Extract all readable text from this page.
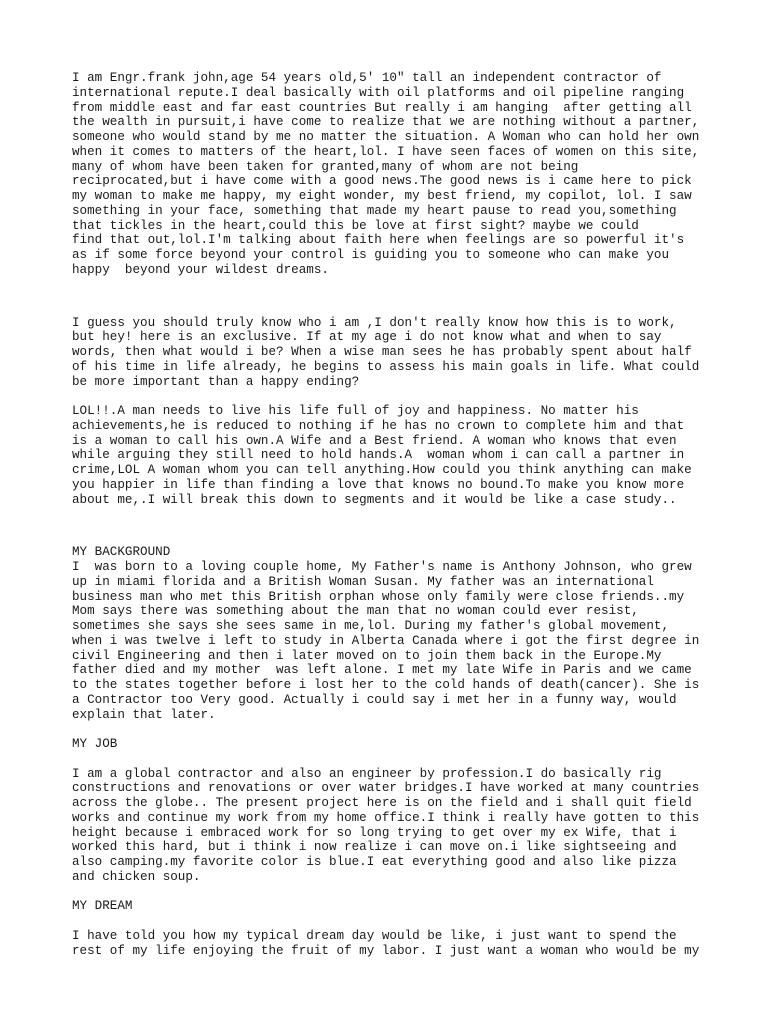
I am Engr.frank john,age 54 years old,5' 10" tall an independent contractor of
international repute.I deal basically with oil platforms and oil pipeline ranging
from middle east and far east countries But really i am hanging  after getting all
the wealth in pursuit,i have come to realize that we are nothing without a partner,
someone who would stand by me no matter the situation. A Woman who can hold her own
when it comes to matters of the heart,lol. I have seen faces of women on this site,
many of whom have been taken for granted,many of whom are not being
reciprocated,but i have come with a good news.The good news is i came here to pick
my woman to make me happy, my eight wonder, my best friend, my copilot, lol. I saw
something in your face, something that made my heart pause to read you,something
that tickles in the heart,could this be love at first sight? maybe we could
find that out,lol.I'm talking about faith here when feelings are so powerful it's
as if some force beyond your control is guiding you to someone who can make you
happy  beyond your wildest dreams.
I guess you should truly know who i am ,I don't really know how this is to work,
but hey! here is an exclusive. If at my age i do not know what and when to say
words, then what would i be? When a wise man sees he has probably spent about half
of his time in life already, he begins to assess his main goals in life. What could
be more important than a happy ending?
LOL!!.A man needs to live his life full of joy and happiness. No matter his
achievements,he is reduced to nothing if he has no crown to complete him and that
is a woman to call his own.A Wife and a Best friend. A woman who knows that even
while arguing they still need to hold hands.A  woman whom i can call a partner in
crime,LOL A woman whom you can tell anything.How could you think anything can make
you happier in life than finding a love that knows no bound.To make you know more
about me,.I will break this down to segments and it would be like a case study..
MY BACKGROUND
I  was born to a loving couple home, My Father's name is Anthony Johnson, who grew
up in miami florida and a British Woman Susan. My father was an international
business man who met this British orphan whose only family were close friends..my
Mom says there was something about the man that no woman could ever resist,
sometimes she says she sees same in me,lol. During my father's global movement,
when i was twelve i left to study in Alberta Canada where i got the first degree in
civil Engineering and then i later moved on to join them back in the Europe.My
father died and my mother  was left alone. I met my late Wife in Paris and we came
to the states together before i lost her to the cold hands of death(cancer). She is
a Contractor too Very good. Actually i could say i met her in a funny way, would
explain that later.
MY JOB
I am a global contractor and also an engineer by profession.I do basically rig
constructions and renovations or over water bridges.I have worked at many countries
across the globe.. The present project here is on the field and i shall quit field
works and continue my work from my home office.I think i really have gotten to this
height because i embraced work for so long trying to get over my ex Wife, that i
worked this hard, but i think i now realize i can move on.i like sightseeing and
also camping.my favorite color is blue.I eat everything good and also like pizza
and chicken soup.
MY DREAM
I have told you how my typical dream day would be like, i just want to spend the
rest of my life enjoying the fruit of my labor. I just want a woman who would be my
